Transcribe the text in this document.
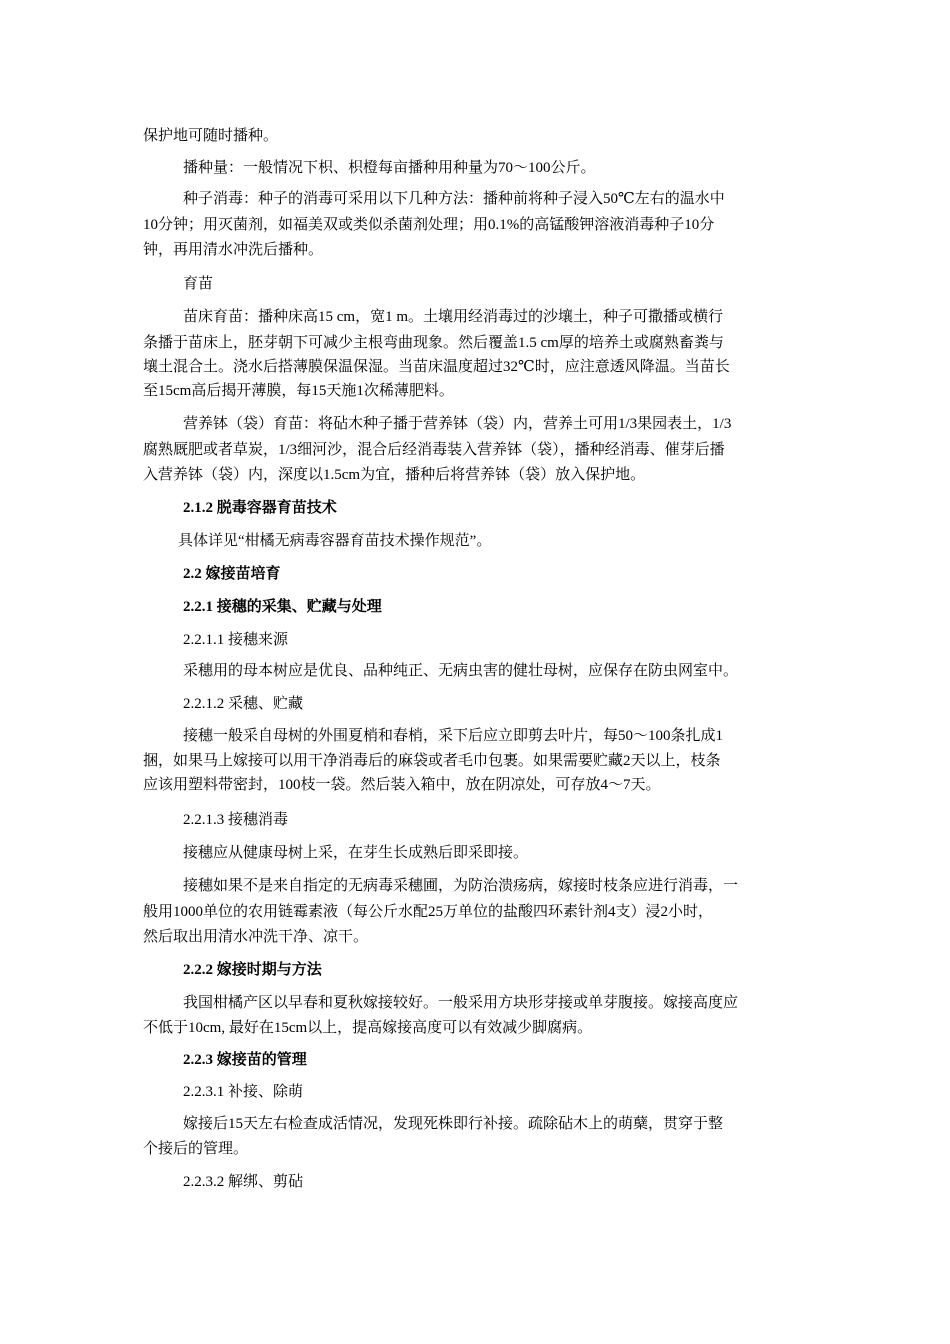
保护地可随时播种。
播种量：一般情况下枳、枳橙每亩播种用种量为70～100公斤。
种子消毒：种子的消毒可采用以下几种方法：播种前将种子浸入50℃左右的温水中
10分钟；用灭菌剂，如福美双或类似杀菌剂处理；用0.1%的高锰酸钾溶液消毒种子10分
钟，再用清水冲洗后播种。
育苗
苗床育苗：播种床高15 cm，宽1 m。土壤用经消毒过的沙壤土，种子可撒播或横行
条播于苗床上，胚芽朝下可减少主根弯曲现象。然后覆盖1.5 cm厚的培养土或腐熟畜粪与
壤土混合土。浇水后搭薄膜保温保湿。当苗床温度超过32℃时，应注意透风降温。当苗长
至15cm高后揭开薄膜，每15天施1次稀薄肥料。
营养钵（袋）育苗：将砧木种子播于营养钵（袋）内，营养土可用1/3果园表土，1/3
腐熟厩肥或者草炭，1/3细河沙，混合后经消毒装入营养钵（袋），播种经消毒、催芽后播
入营养钵（袋）内，深度以1.5cm为宜，播种后将营养钵（袋）放入保护地。
2.1.2 脱毒容器育苗技术
具体详见“柑橘无病毒容器育苗技术操作规范”。
2.2 嫁接苗培育
2.2.1 接穗的采集、贮藏与处理
2.2.1.1 接穗来源
采穗用的母本树应是优良、品种纯正、无病虫害的健壮母树，应保存在防虫网室中。
2.2.1.2 采穗、贮藏
接穗一般采自母树的外围夏梢和春梢，采下后应立即剪去叶片，每50～100条扎成1
捆，如果马上嫁接可以用干净消毒后的麻袋或者毛巾包裹。如果需要贮藏2天以上，枝条
应该用塑料带密封，100枝一袋。然后装入箱中，放在阴凉处，可存放4～7天。
2.2.1.3 接穗消毒
接穗应从健康母树上采，在芽生长成熟后即采即接。
接穗如果不是来自指定的无病毒采穗圃，为防治溃疡病，嫁接时枝条应进行消毒，一
般用1000单位的农用链霉素液（每公斤水配25万单位的盐酸四环素针剂4支）浸2小时，
然后取出用清水冲洗干净、凉干。
2.2.2 嫁接时期与方法
我国柑橘产区以早春和夏秋嫁接较好。一般采用方块形芽接或单芽腹接。嫁接高度应
不低于10cm, 最好在15cm以上，提高嫁接高度可以有效减少脚腐病。
2.2.3 嫁接苗的管理
2.2.3.1 补接、除萌
嫁接后15天左右检查成活情况，发现死株即行补接。疏除砧木上的萌蘖，贯穿于整
个接后的管理。
2.2.3.2 解绑、剪砧
